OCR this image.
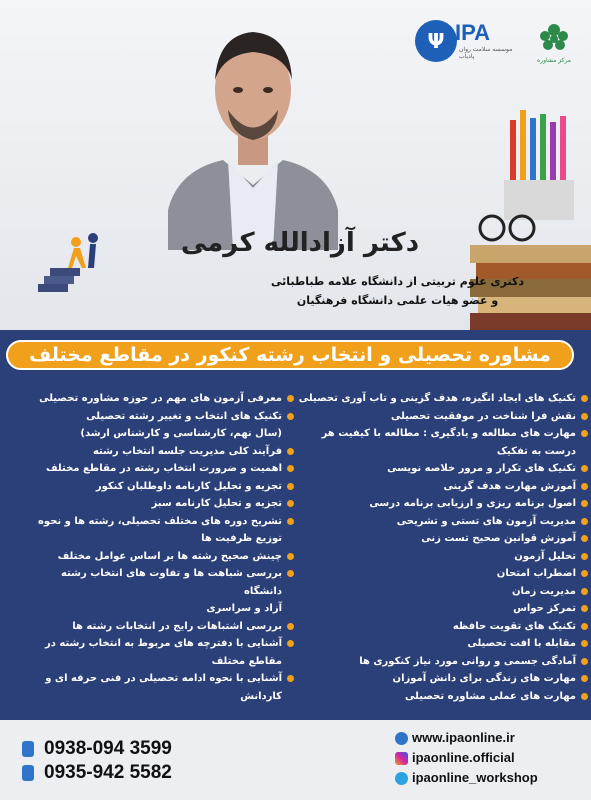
Ψ IPA
موسسه سلامت روان پادیاب
مرکز مشاوره
دکتر آزادالله کرمی
دکتری علوم تربیتی از دانشگاه علامه طباطبائی
و عضو هیات علمی دانشگاه فرهنگیان
مشاوره تحصیلی و انتخاب رشته کنکور در مقاطع مختلف
تکنیک های ایجاد انگیزه، هدف گزینی و تاب آوری تحصیلی
نقش فرا شناخت در موفقیت تحصیلی
مهارت های مطالعه و یادگیری : مطالعه با کیفیت هر درست به تفکیک
تکنیک های تکرار و مرور خلاصه نویسی
آموزش مهارت هدف گزینی
اصول برنامه ریزی و ارزیابی برنامه درسی
مدیریت آزمون های تستی و تشریحی
آموزش قوانین صحیح تست زنی
تحلیل آزمون
اضطراب امتحان
مدیریت زمان
تمرکز حواس
تکنیک های تقویت حافظه
مقابله با افت تحصیلی
آمادگی جسمی و روانی مورد نیاز کنکوری ها
مهارت های زندگی برای دانش آموزان
مهارت های عملی مشاوره تحصیلی
معرفی آزمون های مهم در حوزه مشاوره تحصیلی
تکنیک های انتخاب و تغییر رشته تحصیلی
(سال نهم، کارشناسی و کارشناس ارشد)
فرآیند کلی مدیریت جلسه انتخاب رشته
اهمیت و ضرورت انتخاب رشته در مقاطع مختلف
تجزیه و تحلیل کارنامه داوطلبان کنکور
تجزیه و تحلیل کارنامه سبز
تشریح دوره های مختلف تحصیلی، رشته ها و نحوه
توزیع ظرفیت ها
چینش صحیح رشته ها بر اساس عوامل مختلف
بررسی شباهت ها و تفاوت های انتخاب رشته دانشگاه
آزاد و سراسری
بررسی اشتباهات رایج در انتخابات رشته ها
آشنایی با دفترچه های مربوط به انتخاب رشته در
مقاطع مختلف
آشنایی با نحوه ادامه تحصیلی در فنی حرفه ای و
کاردانش
0938-094 3599
0935-942 5582
www.ipaonline.ir
ipaonline.official
ipaonline_workshop
